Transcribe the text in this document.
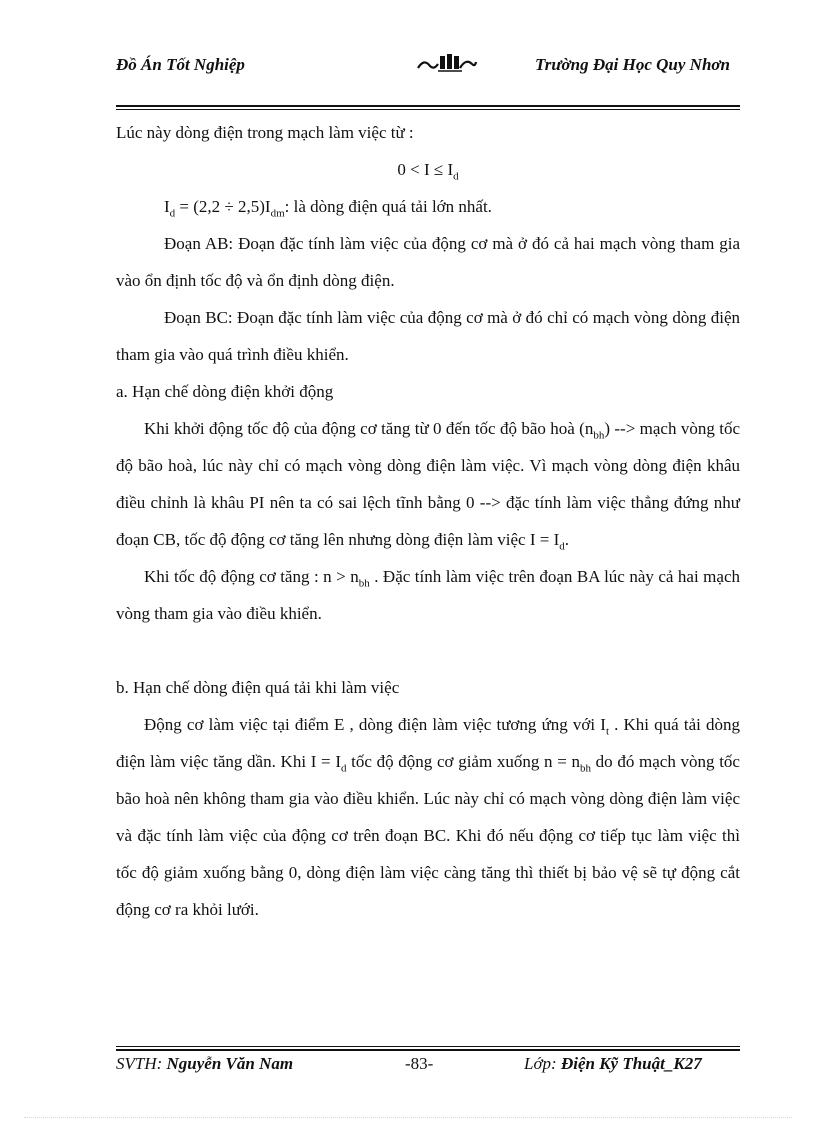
Đồ Án Tốt Nghiệp	Trường Đại Học Quy Nhơn

Lúc này dòng điện trong mạch làm việc từ :

$0 < I \le I_d$

$I_d = (2,2 \div 2,5)I_{dm}$: là dòng điện quá tải lớn nhất.

Đoạn AB: Đoạn đặc tính làm việc của động cơ mà ở đó cả hai mạch vòng tham gia vào ổn định tốc độ và ổn định dòng điện.

Đoạn BC: Đoạn đặc tính làm việc của động cơ mà ở đó chỉ có mạch vòng dòng điện tham gia vào quá trình điều khiển.

a. Hạn chế dòng điện khởi động

Khi khởi động tốc độ của động cơ tăng từ 0 đến tốc độ bão hoà $(n_{bh})$ --> mạch vòng tốc độ bão hoà, lúc này chỉ có mạch vòng dòng điện làm việc. Vì mạch vòng dòng điện khâu điều chỉnh là khâu PI nên ta có sai lệch tĩnh bằng 0 --> đặc tính làm việc thẳng đứng như đoạn CB, tốc độ động cơ tăng lên nhưng dòng điện làm việc $I = I_d$.

Khi tốc độ động cơ tăng : $n > n_{bh}$ . Đặc tính làm việc trên đoạn BA lúc này cả hai mạch vòng tham gia vào điều khiển.

b. Hạn chế dòng điện quá tải khi làm việc

Động cơ làm việc tại điểm E , dòng điện làm việc tương ứng với $I_t$ . Khi quá tải dòng điện làm việc tăng dần. Khi $I = I_d$ tốc độ động cơ giảm xuống $n = n_{bh}$ do đó mạch vòng tốc bão hoà nên không tham gia vào điều khiển. Lúc này chỉ có mạch vòng dòng điện làm việc và đặc tính làm việc của động cơ trên đoạn BC. Khi đó nếu động cơ tiếp tục làm việc thì tốc độ giảm xuống bằng 0, dòng điện làm việc càng tăng thì thiết bị bảo vệ sẽ tự động cắt động cơ ra khỏi lưới.

SVTH: Nguyễn Văn Nam	-83-	Lớp: Điện Kỹ Thuật_K27
